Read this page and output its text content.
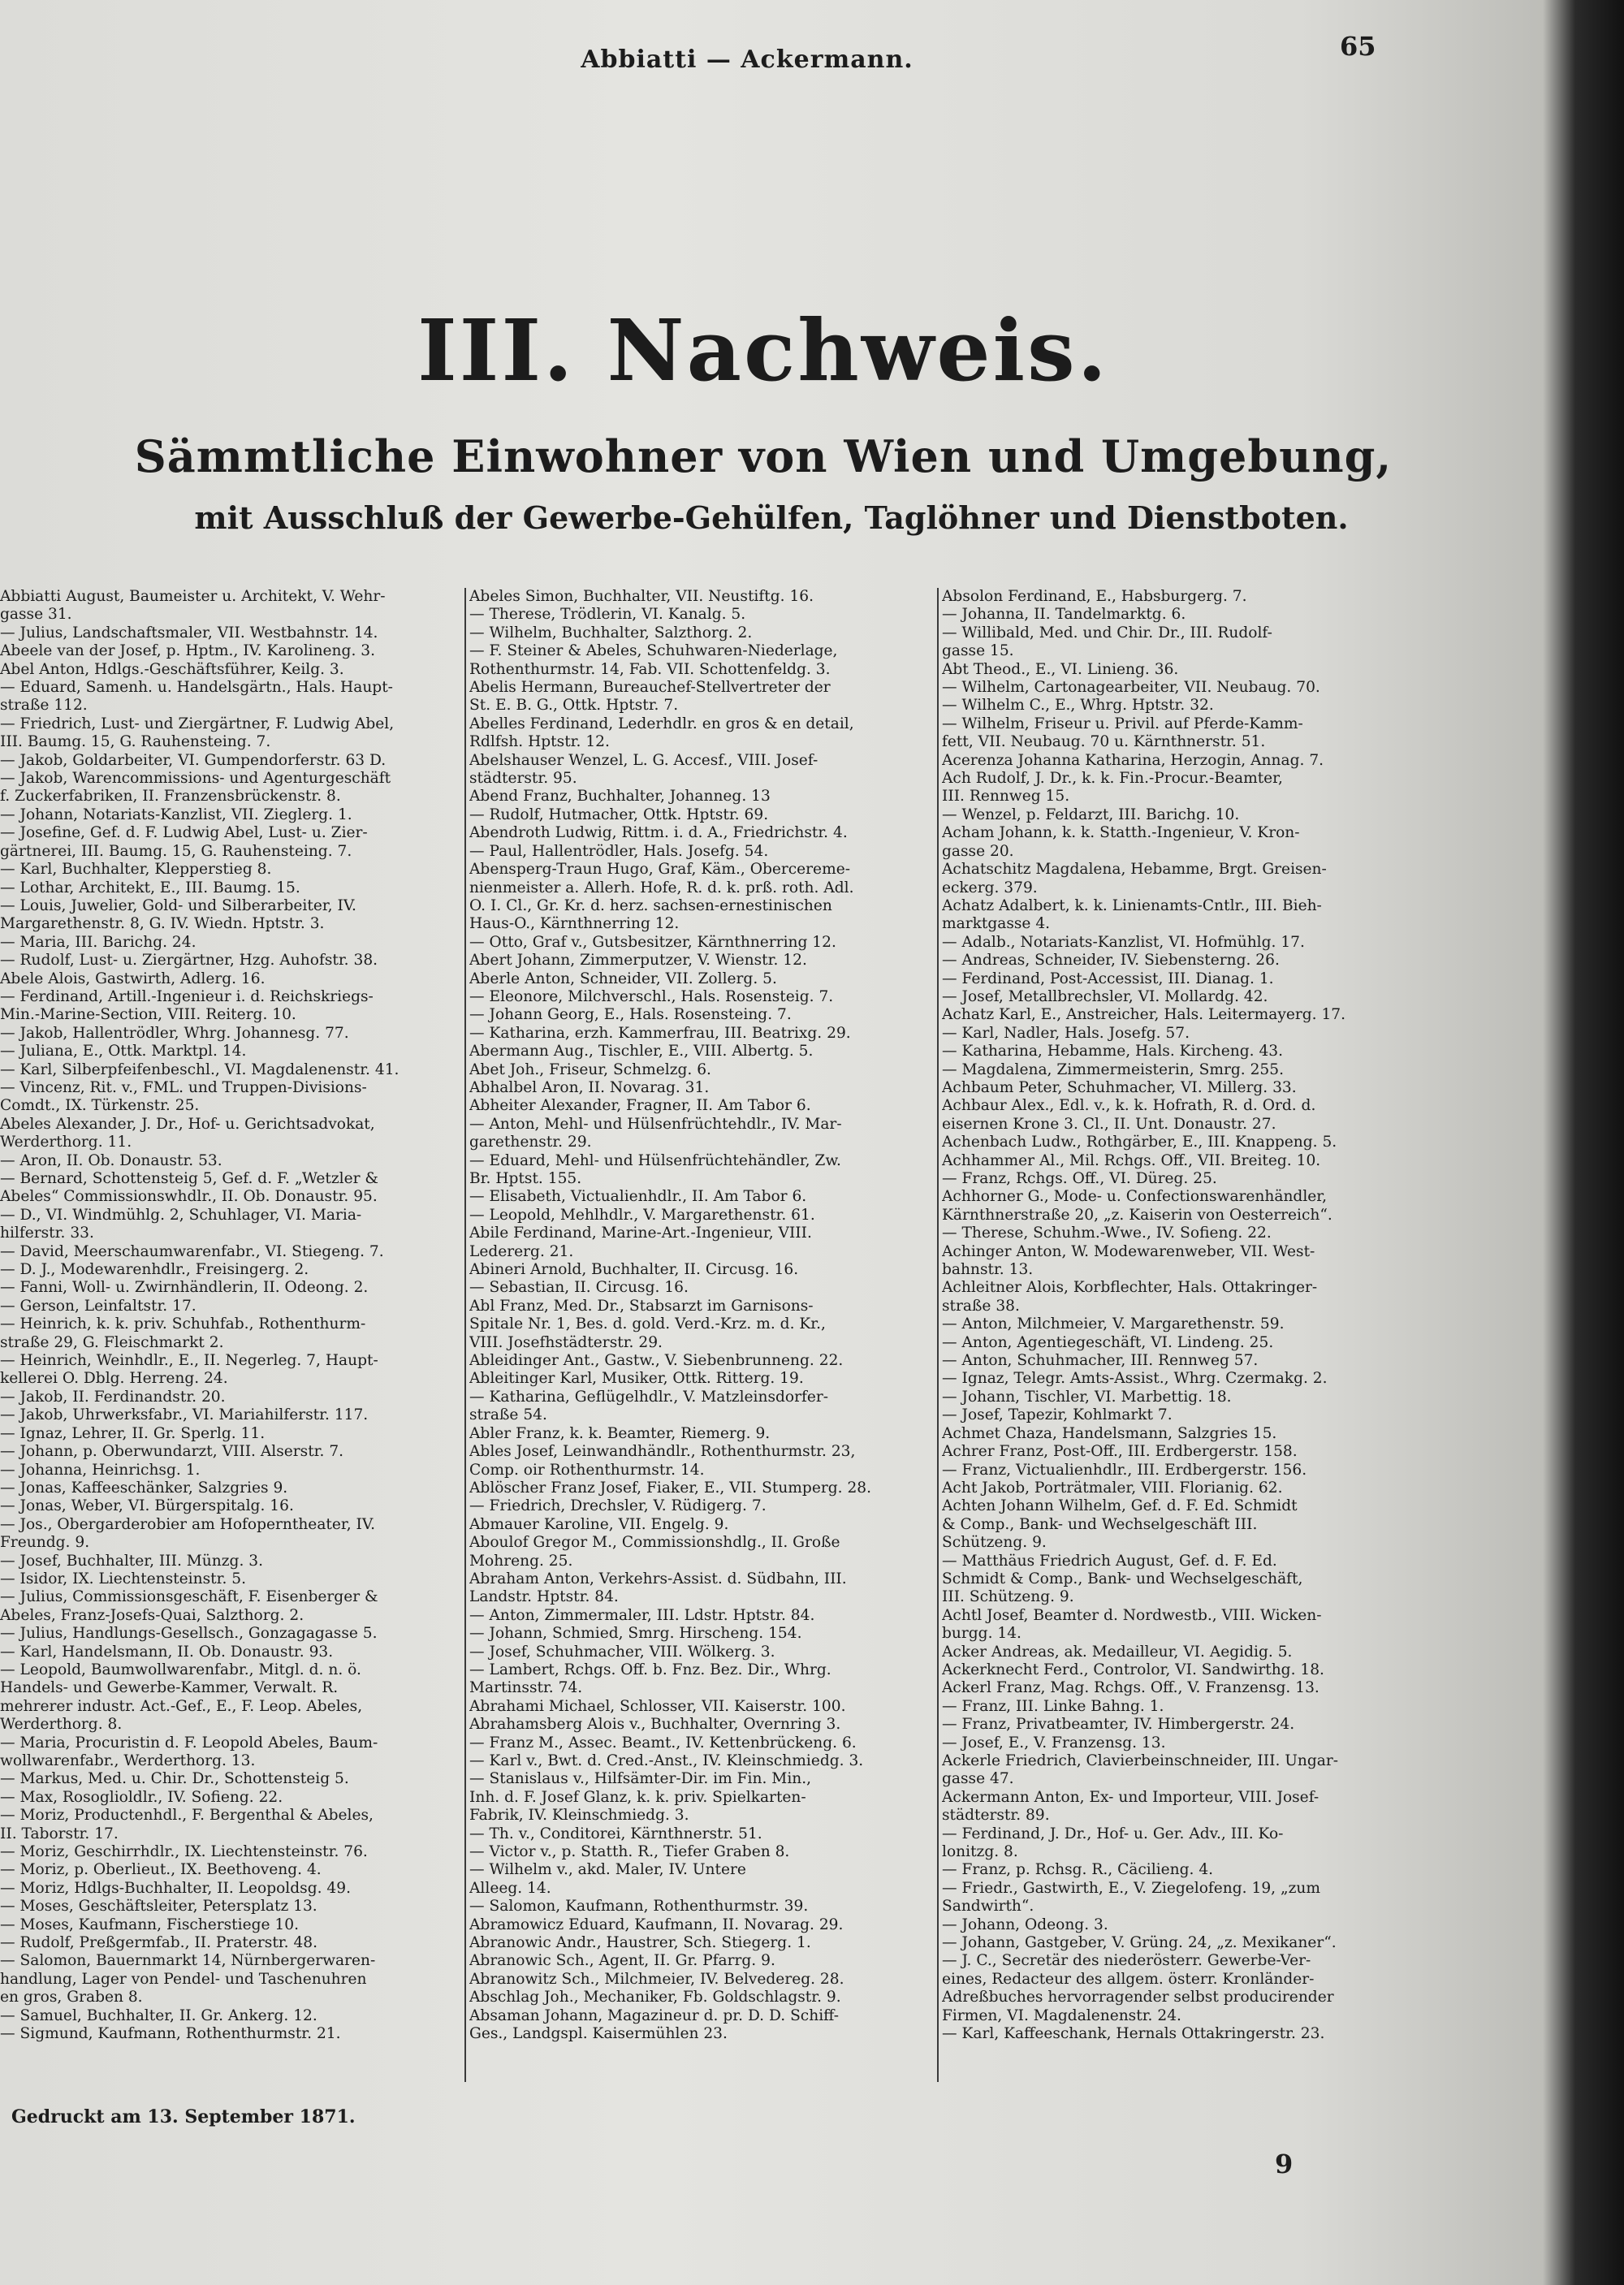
Abbiatti — Ackermann.	65
III. Nachweis.
Sämmtliche Einwohner von Wien und Umgebung,
mit Ausschluß der Gewerbe-Gehülfen, Taglöhner und Dienstboten.
Abbiatti August, Baumeister u. Architekt, V. Wehr-
gasse 31.
— Julius, Landschaftsmaler, VII. Westbahnstr. 14.
Abeele van der Josef, p. Hptm., IV. Karolineng. 3.
Abel Anton, Hdlgs.-Geschäftsführer, Keilg. 3.
— Eduard, Samenh. u. Handelsgärtn., Hals. Haupt-
straße 112.
— Friedrich, Lust- und Ziergärtner, F. Ludwig Abel,
III. Baumg. 15, G. Rauhensteing. 7.
— Jakob, Goldarbeiter, VI. Gumpendorferstr. 63 D.
— Jakob, Warencommissions- und Agenturgeschäft
f. Zuckerfabriken, II. Franzensbrückenstr. 8.
— Johann, Notariats-Kanzlist, VII. Zieglerg. 1.
— Josefine, Gef. d. F. Ludwig Abel, Lust- u. Zier-
gärtnerei, III. Baumg. 15, G. Rauhensteing. 7.
— Karl, Buchhalter, Klepperstieg 8.
— Lothar, Architekt, E., III. Baumg. 15.
— Louis, Juwelier, Gold- und Silberarbeiter, IV.
Margarethenstr. 8, G. IV. Wiedn. Hptstr. 3.
— Maria, III. Barichg. 24.
— Rudolf, Lust- u. Ziergärtner, Hzg. Auhofstr. 38.
Abele Alois, Gastwirth, Adlerg. 16.
— Ferdinand, Artill.-Ingenieur i. d. Reichskriegs-
Min.-Marine-Section, VIII. Reiterg. 10.
— Jakob, Hallentrödler, Whrg. Johannesg. 77.
— Juliana, E., Ottk. Marktpl. 14.
— Karl, Silberpfeifenbeschl., VI. Magdalenenstr. 41.
— Vincenz, Rit. v., FML. und Truppen-Divisions-
Comdt., IX. Türkenstr. 25.
Abeles Alexander, J. Dr., Hof- u. Gerichtsadvokat,
Werderthorg. 11.
— Aron, II. Ob. Donaustr. 53.
— Bernard, Schottensteig 5, Gef. d. F. „Wetzler &
Abeles“ Commissionswhdlr., II. Ob. Donaustr. 95.
— D., VI. Windmühlg. 2, Schuhlager, VI. Maria-
hilferstr. 33.
— David, Meerschaumwarenfabr., VI. Stiegeng. 7.
— D. J., Modewarenhdlr., Freisingerg. 2.
— Fanni, Woll- u. Zwirnhändlerin, II. Odeong. 2.
— Gerson, Leinfaltstr. 17.
— Heinrich, k. k. priv. Schuhfab., Rothenthurm-
straße 29, G. Fleischmarkt 2.
— Heinrich, Weinhdlr., E., II. Negerleg. 7, Haupt-
kellerei O. Dblg. Herreng. 24.
— Jakob, II. Ferdinandstr. 20.
— Jakob, Uhrwerksfabr., VI. Mariahilferstr. 117.
— Ignaz, Lehrer, II. Gr. Sperlg. 11.
— Johann, p. Oberwundarzt, VIII. Alserstr. 7.
— Johanna, Heinrichsg. 1.
— Jonas, Kaffeeschänker, Salzgries 9.
— Jonas, Weber, VI. Bürgerspitalg. 16.
— Jos., Obergarderobier am Hofoperntheater, IV.
Freundg. 9.
— Josef, Buchhalter, III. Münzg. 3.
— Isidor, IX. Liechtensteinstr. 5.
— Julius, Commissionsgeschäft, F. Eisenberger &
Abeles, Franz-Josefs-Quai, Salzthorg. 2.
— Julius, Handlungs-Gesellsch., Gonzagagasse 5.
— Karl, Handelsmann, II. Ob. Donaustr. 93.
— Leopold, Baumwollwarenfabr., Mitgl. d. n. ö.
Handels- und Gewerbe-Kammer, Verwalt. R.
mehrerer industr. Act.-Gef., E., F. Leop. Abeles,
Werderthorg. 8.
— Maria, Procuristin d. F. Leopold Abeles, Baum-
wollwarenfabr., Werderthorg. 13.
— Markus, Med. u. Chir. Dr., Schottensteig 5.
— Max, Rosoglioldlr., IV. Sofieng. 22.
— Moriz, Productenhdl., F. Bergenthal & Abeles,
II. Taborstr. 17.
— Moriz, Geschirrhdlr., IX. Liechtensteinstr. 76.
— Moriz, p. Oberlieut., IX. Beethoveng. 4.
— Moriz, Hdlgs-Buchhalter, II. Leopoldsg. 49.
— Moses, Geschäftsleiter, Petersplatz 13.
— Moses, Kaufmann, Fischerstiege 10.
— Rudolf, Preßgermfab., II. Praterstr. 48.
— Salomon, Bauernmarkt 14, Nürnbergerwaren-
handlung, Lager von Pendel- und Taschenuhren
en gros, Graben 8.
— Samuel, Buchhalter, II. Gr. Ankerg. 12.
— Sigmund, Kaufmann, Rothenthurmstr. 21.
Abeles Simon, Buchhalter, VII. Neustiftg. 16.
— Therese, Trödlerin, VI. Kanalg. 5.
— Wilhelm, Buchhalter, Salzthorg. 2.
— F. Steiner & Abeles, Schuhwaren-Niederlage,
Rothenthurmstr. 14, Fab. VII. Schottenfeldg. 3.
Abelis Hermann, Bureauchef-Stellvertreter der
St. E. B. G., Ottk. Hptstr. 7.
Abelles Ferdinand, Lederhdlr. en gros & en detail,
Rdlfsh. Hptstr. 12.
Abelshauser Wenzel, L. G. Accesf., VIII. Josef-
städterstr. 95.
Abend Franz, Buchhalter, Johanneg. 13
— Rudolf, Hutmacher, Ottk. Hptstr. 69.
Abendroth Ludwig, Rittm. i. d. A., Friedrichstr. 4.
— Paul, Hallentrödler, Hals. Josefg. 54.
Abensperg-Traun Hugo, Graf, Käm., Obercereme-
nienmeister a. Allerh. Hofe, R. d. k. prß. roth. Adl.
O. I. Cl., Gr. Kr. d. herz. sachsen-ernestinischen
Haus-O., Kärnthnerring 12.
— Otto, Graf v., Gutsbesitzer, Kärnthnerring 12.
Abert Johann, Zimmerputzer, V. Wienstr. 12.
Aberle Anton, Schneider, VII. Zollerg. 5.
— Eleonore, Milchverschl., Hals. Rosensteig. 7.
— Johann Georg, E., Hals. Rosensteing. 7.
— Katharina, erzh. Kammerfrau, III. Beatrixg. 29.
Abermann Aug., Tischler, E., VIII. Albertg. 5.
Abet Joh., Friseur, Schmelzg. 6.
Abhalbel Aron, II. Novarag. 31.
Abheiter Alexander, Fragner, II. Am Tabor 6.
— Anton, Mehl- und Hülsenfrüchtehdlr., IV. Mar-
garethenstr. 29.
— Eduard, Mehl- und Hülsenfrüchtehändler, Zw.
Br. Hptst. 155.
— Elisabeth, Victualienhdlr., II. Am Tabor 6.
— Leopold, Mehlhdlr., V. Margarethenstr. 61.
Abile Ferdinand, Marine-Art.-Ingenieur, VIII.
Ledererg. 21.
Abineri Arnold, Buchhalter, II. Circusg. 16.
— Sebastian, II. Circusg. 16.
Abl Franz, Med. Dr., Stabsarzt im Garnisons-
Spitale Nr. 1, Bes. d. gold. Verd.-Krz. m. d. Kr.,
VIII. Josefhstädterstr. 29.
Ableidinger Ant., Gastw., V. Siebenbrunneng. 22.
Ableitinger Karl, Musiker, Ottk. Ritterg. 19.
— Katharina, Geflügelhdlr., V. Matzleinsdorfer-
straße 54.
Abler Franz, k. k. Beamter, Riemerg. 9.
Ables Josef, Leinwandhändlr., Rothenthurmstr. 23,
Comp. oir Rothenthurmstr. 14.
Ablöscher Franz Josef, Fiaker, E., VII. Stumperg. 28.
— Friedrich, Drechsler, V. Rüdigerg. 7.
Abmauer Karoline, VII. Engelg. 9.
Aboulof Gregor M., Commissionshdlg., II. Große
Mohreng. 25.
Abraham Anton, Verkehrs-Assist. d. Südbahn, III.
Landstr. Hptstr. 84.
— Anton, Zimmermaler, III. Ldstr. Hptstr. 84.
— Johann, Schmied, Smrg. Hirscheng. 154.
— Josef, Schuhmacher, VIII. Wölkerg. 3.
— Lambert, Rchgs. Off. b. Fnz. Bez. Dir., Whrg.
Martinsstr. 74.
Abrahami Michael, Schlosser, VII. Kaiserstr. 100.
Abrahamsberg Alois v., Buchhalter, Overnring 3.
— Franz M., Assec. Beamt., IV. Kettenbrückeng. 6.
— Karl v., Bwt. d. Cred.-Anst., IV. Kleinschmiedg. 3.
— Stanislaus v., Hilfsämter-Dir. im Fin. Min.,
Inh. d. F. Josef Glanz, k. k. priv. Spielkarten-
Fabrik, IV. Kleinschmiedg. 3.
— Th. v., Conditorei, Kärnthnerstr. 51.
— Victor v., p. Statth. R., Tiefer Graben 8.
— Wilhelm v., akd. Maler, IV. Untere
Alleeg. 14.
— Salomon, Kaufmann, Rothenthurmstr. 39.
Abramowicz Eduard, Kaufmann, II. Novarag. 29.
Abranowic Andr., Haustrer, Sch. Stiegerg. 1.
Abranowic Sch., Agent, II. Gr. Pfarrg. 9.
Abranowitz Sch., Milchmeier, IV. Belvedereg. 28.
Abschlag Joh., Mechaniker, Fb. Goldschlagstr. 9.
Absaman Johann, Magazineur d. pr. D. D. Schiff-
Ges., Landgspl. Kaisermühlen 23.
Absolon Ferdinand, E., Habsburgerg. 7.
— Johanna, II. Tandelmarktg. 6.
— Willibald, Med. und Chir. Dr., III. Rudolf-
gasse 15.
Abt Theod., E., VI. Linieng. 36.
— Wilhelm, Cartonagearbeiter, VII. Neubaug. 70.
— Wilhelm C., E., Whrg. Hptstr. 32.
— Wilhelm, Friseur u. Privil. auf Pferde-Kamm-
fett, VII. Neubaug. 70 u. Kärnthnerstr. 51.
Acerenza Johanna Katharina, Herzogin, Annag. 7.
Ach Rudolf, J. Dr., k. k. Fin.-Procur.-Beamter,
III. Rennweg 15.
— Wenzel, p. Feldarzt, III. Barichg. 10.
Acham Johann, k. k. Statth.-Ingenieur, V. Kron-
gasse 20.
Achatschitz Magdalena, Hebamme, Brgt. Greisen-
eckerg. 379.
Achatz Adalbert, k. k. Linienamts-Cntlr., III. Bieh-
marktgasse 4.
— Adalb., Notariats-Kanzlist, VI. Hofmühlg. 17.
— Andreas, Schneider, IV. Siebensterng. 26.
— Ferdinand, Post-Accessist, III. Dianag. 1.
— Josef, Metallbrechsler, VI. Mollardg. 42.
Achatz Karl, E., Anstreicher, Hals. Leitermayerg. 17.
— Karl, Nadler, Hals. Josefg. 57.
— Katharina, Hebamme, Hals. Kircheng. 43.
— Magdalena, Zimmermeisterin, Smrg. 255.
Achbaum Peter, Schuhmacher, VI. Millerg. 33.
Achbaur Alex., Edl. v., k. k. Hofrath, R. d. Ord. d.
eisernen Krone 3. Cl., II. Unt. Donaustr. 27.
Achenbach Ludw., Rothgärber, E., III. Knappeng. 5.
Achhammer Al., Mil. Rchgs. Off., VII. Breiteg. 10.
— Franz, Rchgs. Off., VI. Düreg. 25.
Achhorner G., Mode- u. Confectionswarenhändler,
Kärnthnerstraße 20, „z. Kaiserin von Oesterreich“.
— Therese, Schuhm.-Wwe., IV. Sofieng. 22.
Achinger Anton, W. Modewarenweber, VII. West-
bahnstr. 13.
Achleitner Alois, Korbflechter, Hals. Ottakringer-
straße 38.
— Anton, Milchmeier, V. Margarethenstr. 59.
— Anton, Agentiegeschäft, VI. Lindeng. 25.
— Anton, Schuhmacher, III. Rennweg 57.
— Ignaz, Telegr. Amts-Assist., Whrg. Czermakg. 2.
— Johann, Tischler, VI. Marbettig. 18.
— Josef, Tapezir, Kohlmarkt 7.
Achmet Chaza, Handelsmann, Salzgries 15.
Achrer Franz, Post-Off., III. Erdbergerstr. 158.
— Franz, Victualienhdlr., III. Erdbergerstr. 156.
Acht Jakob, Porträtmaler, VIII. Florianig. 62.
Achten Johann Wilhelm, Gef. d. F. Ed. Schmidt
& Comp., Bank- und Wechselgeschäft III.
Schützeng. 9.
— Matthäus Friedrich August, Gef. d. F. Ed.
Schmidt & Comp., Bank- und Wechselgeschäft,
III. Schützeng. 9.
Achtl Josef, Beamter d. Nordwestb., VIII. Wicken-
burgg. 14.
Acker Andreas, ak. Medailleur, VI. Aegidig. 5.
Ackerknecht Ferd., Controlor, VI. Sandwirthg. 18.
Ackerl Franz, Mag. Rchgs. Off., V. Franzensg. 13.
— Franz, III. Linke Bahng. 1.
— Franz, Privatbeamter, IV. Himbergerstr. 24.
— Josef, E., V. Franzensg. 13.
Ackerle Friedrich, Clavierbeinschneider, III. Ungar-
gasse 47.
Ackermann Anton, Ex- und Importeur, VIII. Josef-
städterstr. 89.
— Ferdinand, J. Dr., Hof- u. Ger. Adv., III. Ko-
lonitzg. 8.
— Franz, p. Rchsg. R., Cäcilieng. 4.
— Friedr., Gastwirth, E., V. Ziegelofeng. 19, „zum
Sandwirth“.
— Johann, Odeong. 3.
— Johann, Gastgeber, V. Grüng. 24, „z. Mexikaner“.
— J. C., Secretär des niederösterr. Gewerbe-Ver-
eines, Redacteur des allgem. österr. Kronländer-
Adreßbuches hervorragender selbst producirender
Firmen, VI. Magdalenenstr. 24.
— Karl, Kaffeeschank, Hernals Ottakringerstr. 23.
Gedruckt am 13. September 1871.
9
